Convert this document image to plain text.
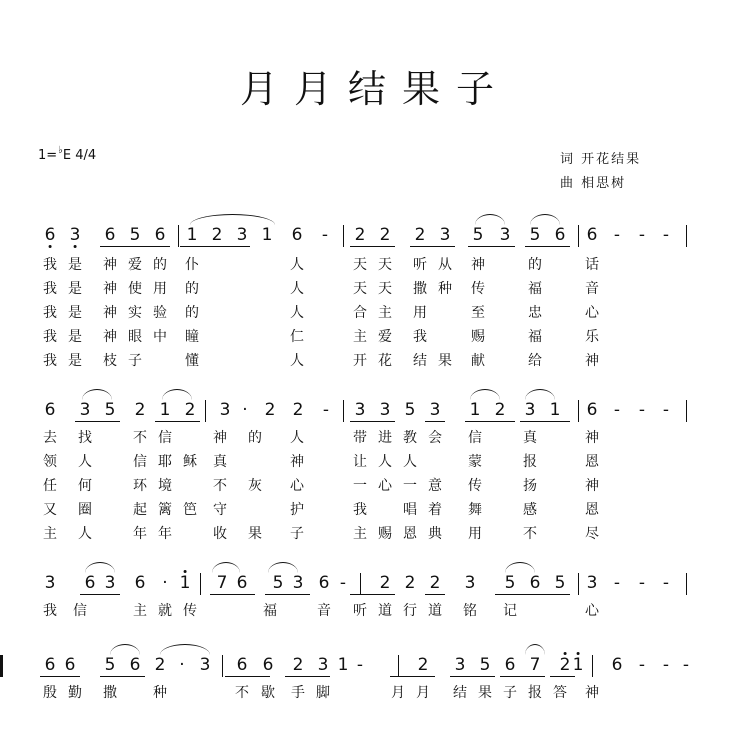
月月结果子
1=♭E 4/4	词 开花结果
曲 相思树
6 3 6 5 6 1 2 3 1 6 - 2 2 2 3 5 3 5 6 6 - - -
我 是 神 爱 的 仆	人	天 天 听 从 神	的	话
我 是 神 使 用 的	人	天 天 撒 种 传	福	音
我 是 神 实 验 的	人	合 主 用	至	忠	心
我 是 神 眼 中 瞳	仁	主 爱 我	赐	福	乐
我 是 枝 子	懂	人	开 花 结 果 献	给	神
6 3 5 2 1 2 3 · 2 2 - 3 3 5 3 1 2 3 1 6 - - -
去 找	不 信	神 的 人	带 进 教 会 信	真	神
领 人	信 耶 稣 真	神	让 人 人	蒙	报	恩
任 何	环 境	不 灰 心	一 心 一 意 传	扬	神
又 圈	起 篱 笆 守	护	我	唱 着 舞	感	恩
主 人	年 年	收 果 子	主 赐 恩 典 用	不	尽
3 6 3 6 · 1 7 6 5 3 6 - 2 2 2 3 5 6 5 3 - - -
我 信	主 就 传	福	音 听 道 行 道 铭 记	心
6 6 5 6 2 · 3 6 6 2 3 1 -	2 3 5 6 7 2 1 6 - - -
殷 勤 撒	种	不 歇 手 脚	月 月 结 果 子 报 答 神
